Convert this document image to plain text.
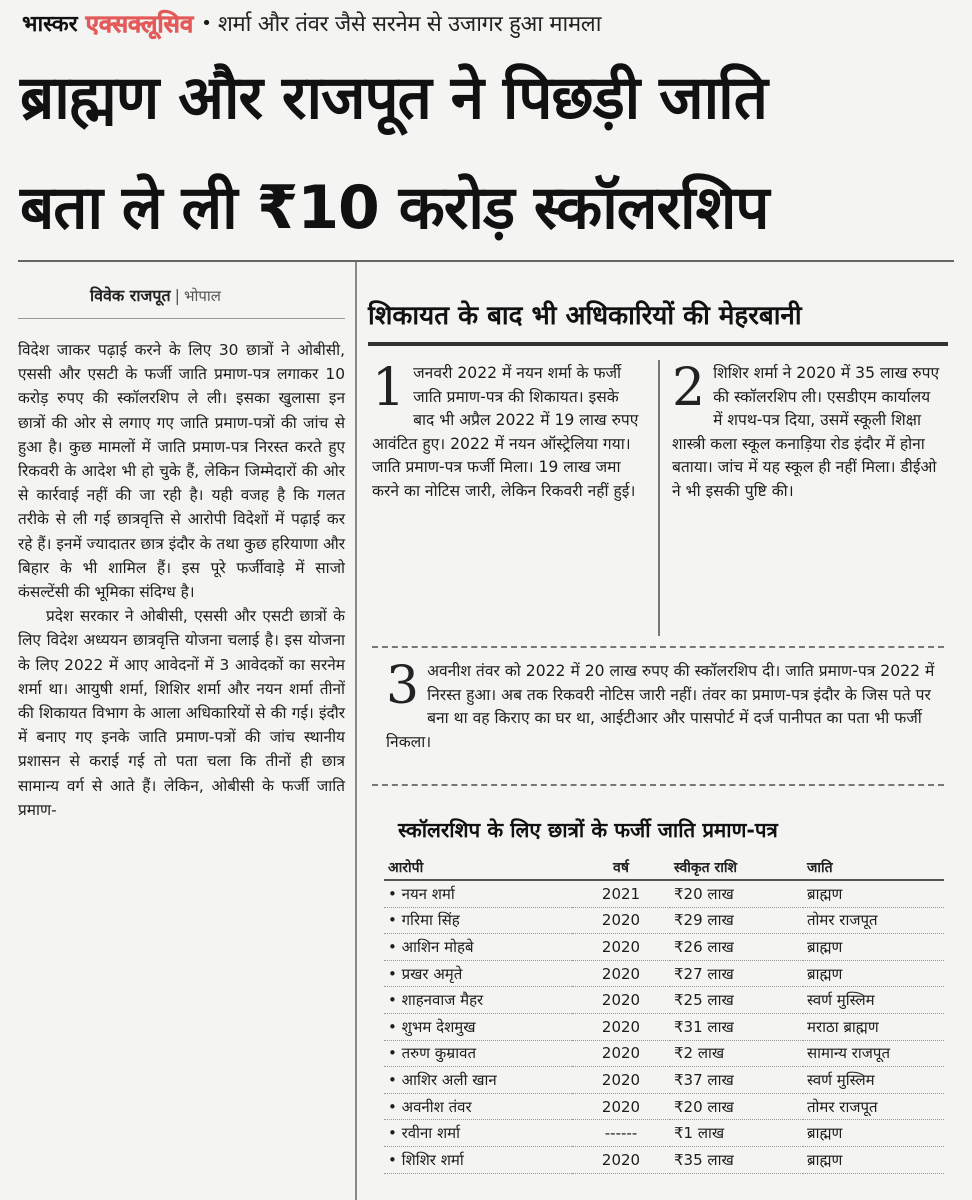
भास्कर एक्सक्लूसिव • शर्मा और तंवर जैसे सरनेम से उजागर हुआ मामला
ब्राह्मण और राजपूत ने पिछड़ी जाति
बता ले ली ₹10 करोड़ स्कॉलरशिप
विवेक राजपूत | भोपाल

विदेश जाकर पढ़ाई करने के लिए 30 छात्रों ने ओबीसी, एससी और एसटी के फर्जी जाति प्रमाण-पत्र लगाकर 10 करोड़ रुपए की स्कॉलरशिप ले ली। इसका खुलासा इन छात्रों की ओर से लगाए गए जाति प्रमाण-पत्रों की जांच से हुआ है। कुछ मामलों में जाति प्रमाण-पत्र निरस्त करते हुए रिकवरी के आदेश भी हो चुके हैं, लेकिन जिम्मेदारों की ओर से कार्रवाई नहीं की जा रही है। यही वजह है कि गलत तरीके से ली गई छात्रवृत्ति से आरोपी विदेशों में पढ़ाई कर रहे हैं। इनमें ज्यादातर छात्र इंदौर के तथा कुछ हरियाणा और बिहार के भी शामिल हैं। इस पूरे फर्जीवाड़े में साजो कंसल्टेंसी की भूमिका संदिग्ध है।

प्रदेश सरकार ने ओबीसी, एससी और एसटी छात्रों के लिए विदेश अध्ययन छात्रवृत्ति योजना चलाई है। इस योजना के लिए 2022 में आए आवेदनों में 3 आवेदकों का सरनेम शर्मा था। आयुषी शर्मा, शिशिर शर्मा और नयन शर्मा तीनों की शिकायत विभाग के आला अधिकारियों से की गई। इंदौर में बनाए गए इनके जाति प्रमाण-पत्रों की जांच स्थानीय प्रशासन से कराई गई तो पता चला कि तीनों ही छात्र सामान्य वर्ग से आते हैं। लेकिन, ओबीसी के फर्जी जाति प्रमाण-

शिकायत के बाद भी अधिकारियों की मेहरबानी
1 जनवरी 2022 में नयन शर्मा के फर्जी जाति प्रमाण-पत्र की शिकायत। इसके बाद भी अप्रैल 2022 में 19 लाख रुपए आवंटित हुए। 2022 में नयन ऑस्ट्रेलिया गया। जाति प्रमाण-पत्र फर्जी मिला। 19 लाख जमा करने का नोटिस जारी, लेकिन रिकवरी नहीं हुई।
2 शिशिर शर्मा ने 2020 में 35 लाख रुपए की स्कॉलरशिप ली। एसडीएम कार्यालय में शपथ-पत्र दिया, उसमें स्कूली शिक्षा शास्त्री कला स्कूल कनाड़िया रोड इंदौर में होना बताया। जांच में यह स्कूल ही नहीं मिला। डीईओ ने भी इसकी पुष्टि की।
3 अवनीश तंवर को 2022 में 20 लाख रुपए की स्कॉलरशिप दी। जाति प्रमाण-पत्र 2022 में निरस्त हुआ। अब तक रिकवरी नोटिस जारी नहीं। तंवर का प्रमाण-पत्र इंदौर के जिस पते पर बना था वह किराए का घर था, आईटीआर और पासपोर्ट में दर्ज पानीपत का पता भी फर्जी निकला।
स्कॉलरशिप के लिए छात्रों के फर्जी जाति प्रमाण-पत्र
आरोपी	वर्ष	स्वीकृत राशि	जाति
• नयन शर्मा	2021	₹20 लाख	ब्राह्मण
• गरिमा सिंह	2020	₹29 लाख	तोमर राजपूत
• आशिन मोहबे	2020	₹26 लाख	ब्राह्मण
• प्रखर अमृते	2020	₹27 लाख	ब्राह्मण
• शाहनवाज मैहर	2020	₹25 लाख	स्वर्ण मुस्लिम
• शुभम देशमुख	2020	₹31 लाख	मराठा ब्राह्मण
• तरुण कुम्रावत	2020	₹2 लाख	सामान्य राजपूत
• आशिर अली खान	2020	₹37 लाख	स्वर्ण मुस्लिम
• अवनीश तंवर	2020	₹20 लाख	तोमर राजपूत
• रवीना शर्मा	------	₹1 लाख	ब्राह्मण
• शिशिर शर्मा	2020	₹35 लाख	ब्राह्मण
